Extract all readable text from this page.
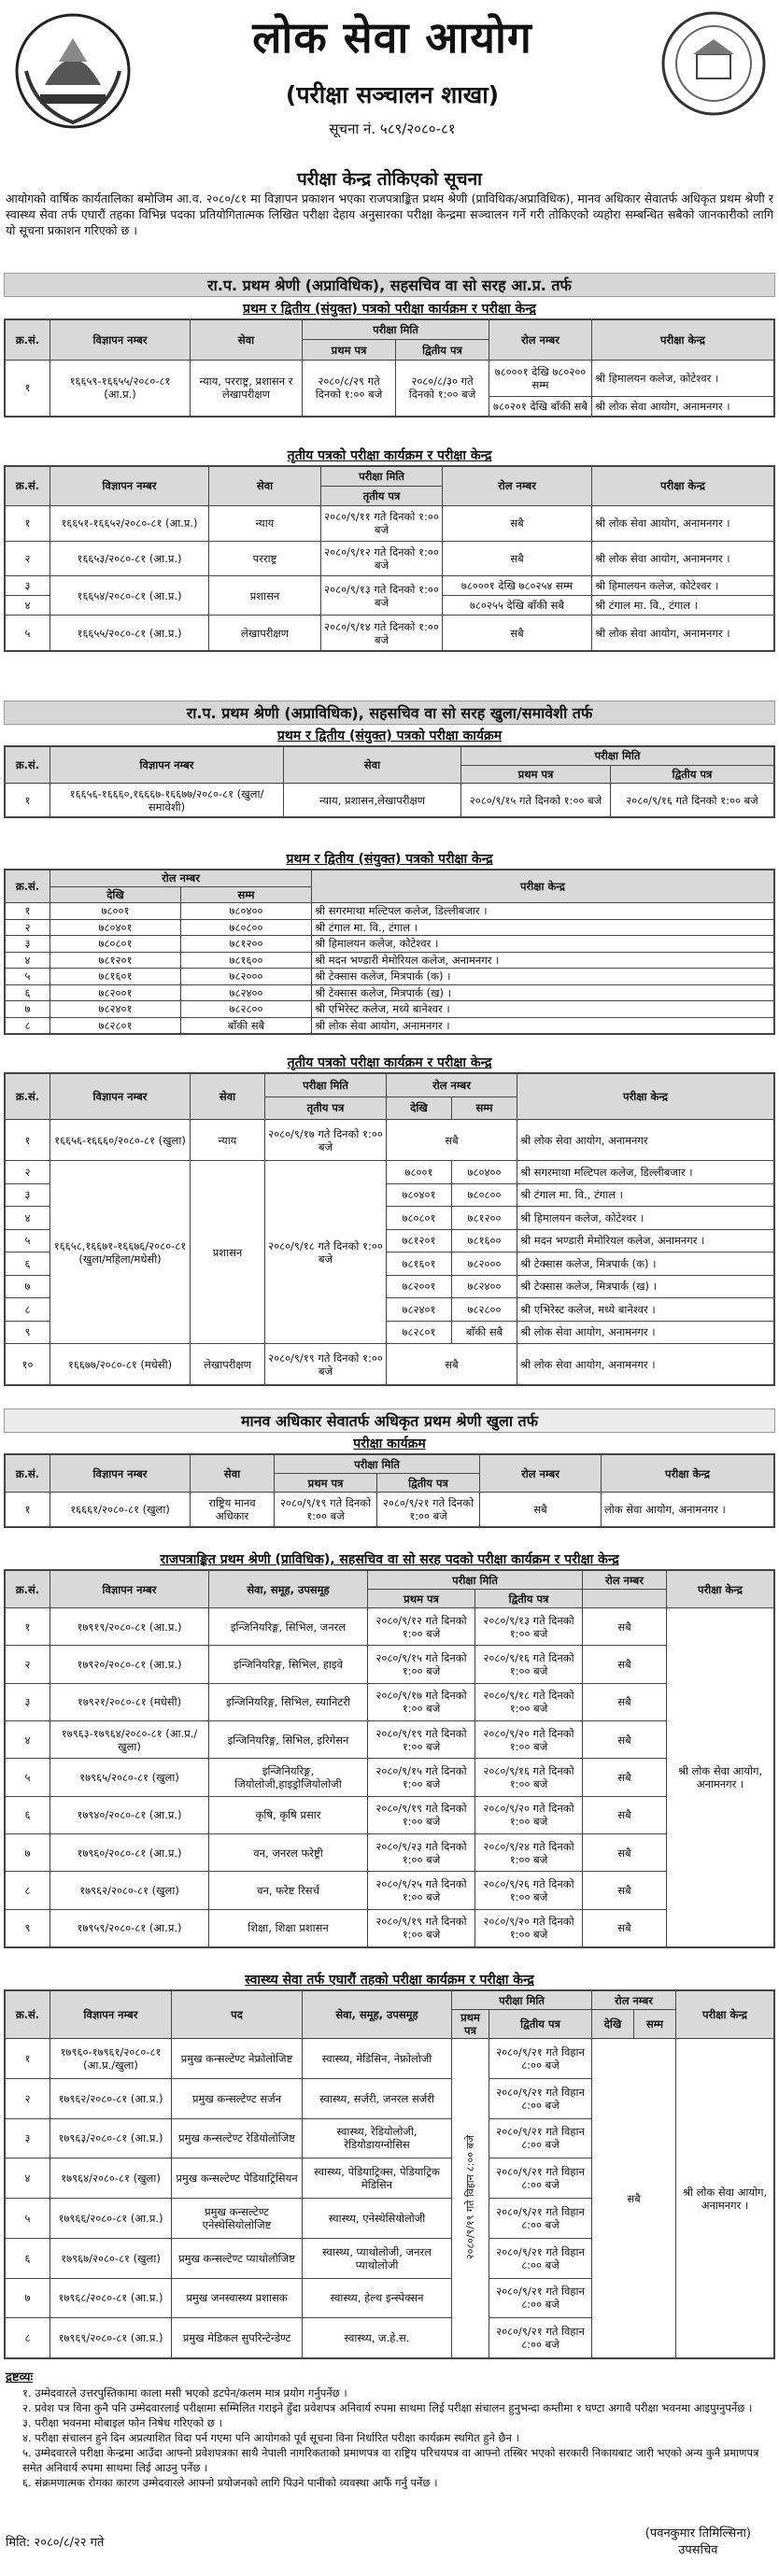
लोक सेवा आयोग
(परीक्षा सञ्चालन शाखा)
सूचना नं. ५८९/२०८०-८१
परीक्षा केन्द्र तोकिएको सूचना
आयोगको वार्षिक कार्यतालिका बमोजिम आ.व. २०८०/८१ मा विज्ञापन प्रकाशन भएका राजपत्राङ्कित प्रथम श्रेणी (प्राविधिक/अप्राविधिक), मानव अधिकार सेवातर्फ अधिकृत प्रथम श्रेणी र स्वास्थ्य सेवा तर्फ एघारौं तहका विभिन्न पदका प्रतियोगितात्मक लिखित परीक्षा देहाय अनुसारका परीक्षा केन्द्रमा सञ्चालन गर्ने गरी तोकिएको व्यहोरा सम्बन्धित सबैको जानकारीको लागि यो सूचना प्रकाशन गरिएको छ ।
रा.प. प्रथम श्रेणी (अप्राविधिक), सहसचिव वा सो सरह आ.प्र. तर्फ
प्रथम र द्वितीय (संयुक्त) पत्रको परीक्षा कार्यक्रम र परीक्षा केन्द्र
क्र.सं.	विज्ञापन नम्बर	सेवा	परीक्षा मिति		रोल नम्बर	परीक्षा केन्द्र
			प्रथम पत्र	द्वितीय पत्र		
१	१६६५९-१६६५५/२०८०-८१ (आ.प्र.)	न्याय, परराष्ट्र, प्रशासन र लेखापरीक्षण	२०८०/८/२९ गते दिनको १:०० बजे	२०८०/८/३० गते दिनको १:०० बजे	७८०००१ देखि ७८०२०० सम्म	श्री हिमालयन कलेज, कोटेश्वर ।
					७८०२०१ देखि बाँकी सबै	श्री लोक सेवा आयोग, अनामनगर ।
तृतीय पत्रको परीक्षा कार्यक्रम र परीक्षा केन्द्र
क्र.सं.	विज्ञापन नम्बर	सेवा	परीक्षा मिति	रोल नम्बर	परीक्षा केन्द्र
			तृतीय पत्र		
१	१६६५१-१६६५२/२०८०-८१ (आ.प्र.)	न्याय	२०८०/९/११ गते दिनको १:०० बजे	सबै	श्री लोक सेवा आयोग, अनामनगर ।
२	१६६५३/२०८०-८१ (आ.प्र.)	परराष्ट्र	२०८०/९/१२ गते दिनको १:०० बजे	सबै	श्री लोक सेवा आयोग, अनामनगर ।
३	१६६५४/२०८०-८१ (आ.प्र.)	प्रशासन	२०८०/९/१३ गते दिनको १:०० बजे	७८०००१ देखि ७८०२५४ सम्म	श्री हिमालयन कलेज, कोटेश्वर ।
४				७८०२५५ देखि बाँकी सबै	श्री टंगाल मा. वि., टंगाल ।
५	१६६५५/२०८०-८१ (आ.प्र.)	लेखापरीक्षण	२०८०/९/१४ गते दिनको १:०० बजे	सबै	श्री लोक सेवा आयोग, अनामनगर ।
रा.प. प्रथम श्रेणी (अप्राविधिक), सहसचिव वा सो सरह खुला/समावेशी तर्फ
प्रथम र द्वितीय (संयुक्त) पत्रको परीक्षा कार्यक्रम
क्र.सं.	विज्ञापन नम्बर	सेवा	परीक्षा मिति	
			प्रथम पत्र	द्वितीय पत्र
१	१६६५६-१६६६०,१६६६७-१६६७७/२०८०-८१ (खुला/समावेशी)	न्याय, प्रशासन,लेखापरीक्षण	२०८०/९/१५ गते दिनको १:०० बजे	२०८०/९/१६ गते दिनको १:०० बजे
प्रथम र द्वितीय (संयुक्त) पत्रको परीक्षा केन्द्र
क्र.सं.	रोल नम्बर		परीक्षा केन्द्र
	देखि	सम्म	
१	७८००१	७८०४००	श्री सगरमाथा मल्टिपल कलेज, डिल्लीबजार ।
२	७८०४०१	७८०८००	श्री टंगाल मा. वि., टंगाल ।
३	७८०८०१	७८१२००	श्री हिमालयन कलेज, कोटेश्वर ।
४	७८१२०१	७८१६००	श्री मदन भण्डारी मेमोरियल कलेज, अनामनगर ।
५	७८१६०१	७८२०००	श्री टेक्सास कलेज, मित्रपार्क (क) ।
६	७८२००१	७८२४००	श्री टेक्सास कलेज, मित्रपार्क (ख) ।
७	७८२४०१	७८२८००	श्री एभिरेस्ट कलेज, मध्ये बानेश्वर ।
८	७८२८०१	बाँकी सबै	श्री लोक सेवा आयोग, अनामनगर ।
तृतीय पत्रको परीक्षा कार्यक्रम र परीक्षा केन्द्र
क्र.सं.	विज्ञापन नम्बर	सेवा	परीक्षा मिति	रोल नम्बर		परीक्षा केन्द्र
			तृतीय पत्र	देखि	सम्म	
१	१६६५६-१६६६०/२०८०-८१ (खुला)	न्याय	२०८०/९/१७ गते दिनको १:०० बजे	सबै		श्री लोक सेवा आयोग, अनामनगर
२	१६६५८,१६६७१-१६६७६/२०८०-८१ (खुला/महिला/मधेसी)	प्रशासन	२०८०/९/१८ गते दिनको १:०० बजे	७८००१	७८०४००	श्री सगरमाथा मल्टिपल कलेज, डिल्लीबजार ।
३				७८०४०१	७८०८००	श्री टंगाल मा. वि., टंगाल ।
४				७८०८०१	७८१२००	श्री हिमालयन कलेज, कोटेश्वर ।
५				७८१२०१	७८१६००	श्री मदन भण्डारी मेमोरियल कलेज, अनामनगर ।
६				७८१६०१	७८२०००	श्री टेक्सास कलेज, मित्रपार्क (क) ।
७				७८२००१	७८२४००	श्री टेक्सास कलेज, मित्रपार्क (ख) ।
८				७८२४०१	७८२८००	श्री एभिरेस्ट कलेज, मध्ये बानेश्वर ।
९				७८२८०१	बाँकी सबै	श्री लोक सेवा आयोग, अनामनगर ।
१०	१६६७७/२०८०-८१ (मधेसी)	लेखापरीक्षण	२०८०/९/१९ गते दिनको १:०० बजे	सबै		श्री लोक सेवा आयोग, अनामनगर ।
मानव अधिकार सेवातर्फ अधिकृत प्रथम श्रेणी खुला तर्फ
परीक्षा कार्यक्रम
क्र.सं.	विज्ञापन नम्बर	सेवा	परीक्षा मिति		रोल नम्बर	परीक्षा केन्द्र
			प्रथम पत्र	द्वितीय पत्र		
१	१६६६१/२०८०-८१ (खुला)	राष्ट्रिय मानव अधिकार	२०८०/९/१९ गते दिनको १:०० बजे	२०८०/९/२१ गते दिनको १:०० बजे	सबै	लोक सेवा आयोग, अनामनगर ।
राजपत्राङ्कित प्रथम श्रेणी (प्राविधिक), सहसचिव वा सो सरह पदको परीक्षा कार्यक्रम र परीक्षा केन्द्र
क्र.सं.	विज्ञापन नम्बर	सेवा, समूह, उपसमूह	परीक्षा मिति		रोल नम्बर	परीक्षा केन्द्र
			प्रथम पत्र	द्वितीय पत्र		
१	१७९१९/२०८०-८१ (आ.प्र.)	इन्जिनियरिङ्ग, सिभिल, जनरल	२०८०/९/१२ गते दिनको १:०० बजे	२०८०/९/१३ गते दिनको १:०० बजे	सबै	श्री लोक सेवा आयोग, अनामनगर ।
२	१७९२०/२०८०-८१ (आ.प्र.)	इन्जिनियरिङ्ग, सिभिल, हाइवे	२०८०/९/१५ गते दिनको १:०० बजे	२०८०/९/१६ गते दिनको १:०० बजे	सबै	
३	१७९२१/२०८०-८१ (मधेसी)	इन्जिनियरिङ्ग, सिभिल, स्यानिटरी	२०८०/९/१७ गते दिनको १:०० बजे	२०८०/९/१८ गते दिनको १:०० बजे	सबै	
४	१७९६३-१७९६४/२०८०-८१ (आ.प्र./खुला)	इन्जिनियरिङ्ग, सिभिल, इरिगेसन	२०८०/९/१९ गते दिनको १:०० बजे	२०८०/९/२० गते दिनको १:०० बजे	सबै	
५	१७९६५/२०८०-८१ (खुला)	इन्जिनियरिङ्ग, जियोलोजी,हाइड्रोजियोलोजी	२०८०/९/१५ गते दिनको १:०० बजे	२०८०/९/१६ गते दिनको १:०० बजे	सबै	
६	१७९४०/२०८०-८१ (आ.प्र.)	कृषि, कृषि प्रसार	२०८०/९/१९ गते दिनको १:०० बजे	२०८०/९/२० गते दिनको १:०० बजे	सबै	
७	१७९६०/२०८०-८१ (आ.प्र.)	वन, जनरल फरेष्ट्री	२०८०/९/२३ गते दिनको १:०० बजे	२०८०/९/२४ गते दिनको १:०० बजे	सबै	
८	१७९६२/२०८०-८१ (खुला)	वन, फरेष्ट रिसर्च	२०८०/९/२५ गते दिनको १:०० बजे	२०८०/९/२६ गते दिनको १:०० बजे	सबै	
९	१७९५९/२०८०-८१ (आ.प्र.)	शिक्षा, शिक्षा प्रशासन	२०८०/९/१९ गते दिनको १:०० बजे	२०८०/९/२० गते दिनको १:०० बजे	सबै	
स्वास्थ्य सेवा तर्फ एघारौं तहको परीक्षा कार्यक्रम र परीक्षा केन्द्र
क्र.सं.	विज्ञापन नम्बर	पद	सेवा, समूह, उपसमूह	परीक्षा मिति		रोल नम्बर		परीक्षा केन्द्र
				प्रथम पत्र	द्वितीय पत्र	देखि	सम्म	
१	१७९६०-१७९६१/२०८०-८१ (आ.प्र./खुला)	प्रमुख कन्सल्टेण्ट नेफ्रोलोजिष्ट	स्वास्थ्य, मेडिसिन, नेफ्रोलोजी	२०८०/९/१९ गते विहान ८:०० बजे	२०८०/९/२१ गते विहान ८:०० बजे	सबै		श्री लोक सेवा आयोग, अनामनगर ।
२	१७९६२/२०८०-८१ (आ.प्र.)	प्रमुख कन्सल्टेण्ट सर्जन	स्वास्थ्य, सर्जरी, जनरल सर्जरी		२०८०/९/२१ गते विहान ८:०० बजे			
३	१७९६३/२०८०-८१ (आ.प्र.)	प्रमुख कन्सल्टेण्ट रेडियोलोजिष्ट	स्वास्थ्य, रेडियोलोजी, रेडियोडायग्नोसिस		२०८०/९/२१ गते विहान ८:०० बजे			
४	१७९६४/२०८०-८१ (खुला)	प्रमुख कन्सल्टेण्ट पेडियाट्रिसियन	स्वास्थ्य, पेडियाट्रिक्स, पेडियाट्रिक मेडिसिन		२०८०/९/२१ गते विहान ८:०० बजे			
५	१७९६६/२०८०-८१ (आ.प्र.)	प्रमुख कन्सल्टेण्ट एनेस्थेसियोलोजिष्ट	स्वास्थ्य, एनेस्थेसियोलोजी		२०८०/९/२१ गते विहान ८:०० बजे			
६	१७९६७/२०८०-८१ (खुला)	प्रमुख कन्सल्टेण्ट प्याथोलोजिष्ट	स्वास्थ्य, प्याथोलोजी, जनरल प्याथोलोजी		२०८०/९/२१ गते विहान ८:०० बजे			
७	१७९६८/२०८०-८१ (आ.प्र.)	प्रमुख जनस्वास्थ्य प्रशासक	स्वास्थ्य, हेल्थ इन्स्पेक्सन		२०८०/९/२१ गते विहान ८:०० बजे			
८	१७९६९/२०८०-८१ (आ.प्र.)	प्रमुख मेडिकल सुपरिन्टेन्डेण्ट	स्वास्थ्य, ज.हे.स.		२०८०/९/२१ गते विहान ८:०० बजे			
द्रष्टव्यः
१. उम्मेदवारले उत्तरपुस्तिकामा काला मसी भएको डटपेन/कलम मात्र प्रयोग गर्नुपर्नेछ ।
२. प्रवेश पत्र विना कुनै पनि उम्मेदवारलाई परीक्षामा सम्मिलित गराइने हुँदा प्रवेशपत्र अनिवार्य रुपमा साथमा लिई परीक्षा संचालन हुनुभन्दा कम्तीमा १ घण्टा अगावै परीक्षा भवनमा आइपुग्नुपर्नेछ ।
३. परीक्षा भवनमा मोबाइल फोन निषेध गरिएको छ ।
४. परीक्षा संचालन हुने दिन अप्रत्याशित विदा पर्न गएमा पनि आयोगको पूर्व सूचना विना निर्धारित परीक्षा कार्यक्रम स्थगित हुने छैन ।
५. उम्मेदवारले परीक्षा केन्द्रमा आउँदा आफ्नो प्रवेशपत्रका साथै नेपाली नागरिकताको प्रमाणपत्र वा राष्ट्रिय परिचयपत्र वा आफ्नो तस्बिर भएको सरकारी निकायबाट जारी भएको अन्य कुनै प्रमाणपत्र समेत अनिवार्य रुपमा साथमा लिई आउनु पर्नेछ ।
६. संक्रमणात्मक रोगका कारण उम्मेदवारले आफ्नो प्रयोजनको लागि पिउने पानीको व्यवस्था आफैं गर्नु पर्नेछ ।
मिति: २०८०/८/२२ गते
(पवनकुमार तिमिल्सिना)
उपसचिव
